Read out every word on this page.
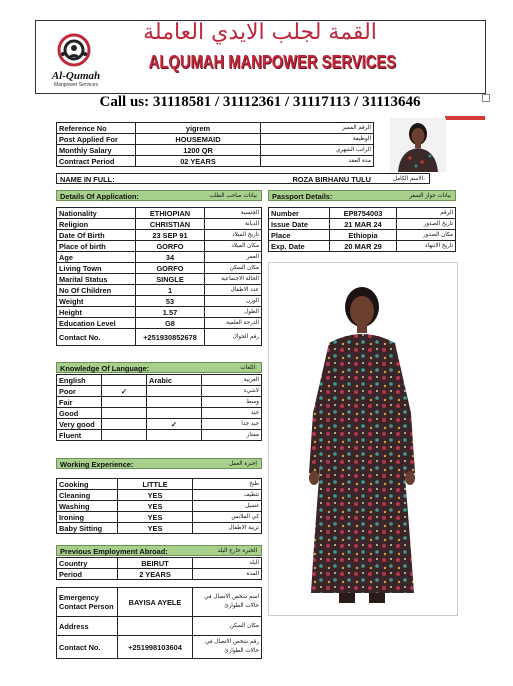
Al-Qumah
Manpower Services
القمة لجلب الايدي العاملة
ALQUMAH MANPOWER SERVICES
Call us: 31118581 / 31112361 / 31117113 / 31113646
Reference No	yigrem	الرقم المميز
Post Applied For	HOUSEMAID	الوظيفة
Monthly Salary	1200 QR	الراتب الشهري
Contract Period	02 YEARS	مدة العقد
NAME IN FULL:	ROZA BIRHANU TULU	الاسم الكامل:
Details Of Application:	بيانات صاحب الطلب
Nationality	ETHIOPIAN	الجنسية
Religion	CHRISTIAN	الديانة
Date Of Birth	23 SEP 91	تاريخ الميلاد
Place of birth	GORFO	مكان الميلاد
Age	34	العمر
Living Town	GORFO	مكان السكن
Marital Status	SINGLE	الحالة الاجتماعية
No Of Children	1	عدد الاطفال
Weight	53	الوزن
Height	1.57	الطول
Education Level	G8	الدرجة العلمية
Contact No.	+251930852678	رقم الجوال
Passport Details:	بيانات جواز السفر
Number	EP8754003	الرقم
Issue Date	21 MAR 24	تاريخ الصدور
Place	Ethiopia	مكان الصدور
Exp. Date	20 MAR 29	تاريخ الانتهاء
Knowledge Of Language:	اللغات:
English		Arabic	العربية
Poor	✓		لاشيء
Fair			وسط
Good			جيد
Very good		✓	جيد جدا
Fluent			ممتاز
Working Experience:	إخبرة العمل
Cooking	LITTLE	طبخ
Cleaning	YES	تنظيف
Washing	YES	غسيل
Ironing	YES	كي الملابس
Baby Sitting	YES	تربية الاطفال
Previous Employment Abroad:	الخبرة خارج البلد
Country	BEIRUT	البلد
Period	2 YEARS	المدة
Emergency Contact Person	BAYISA AYELE	اسم شخص الاتصال في حالات الطوارئ
Address		مكان السكن
Contact No.	+251998103604	رقم شخص الاتصال في حالات الطوارئ
